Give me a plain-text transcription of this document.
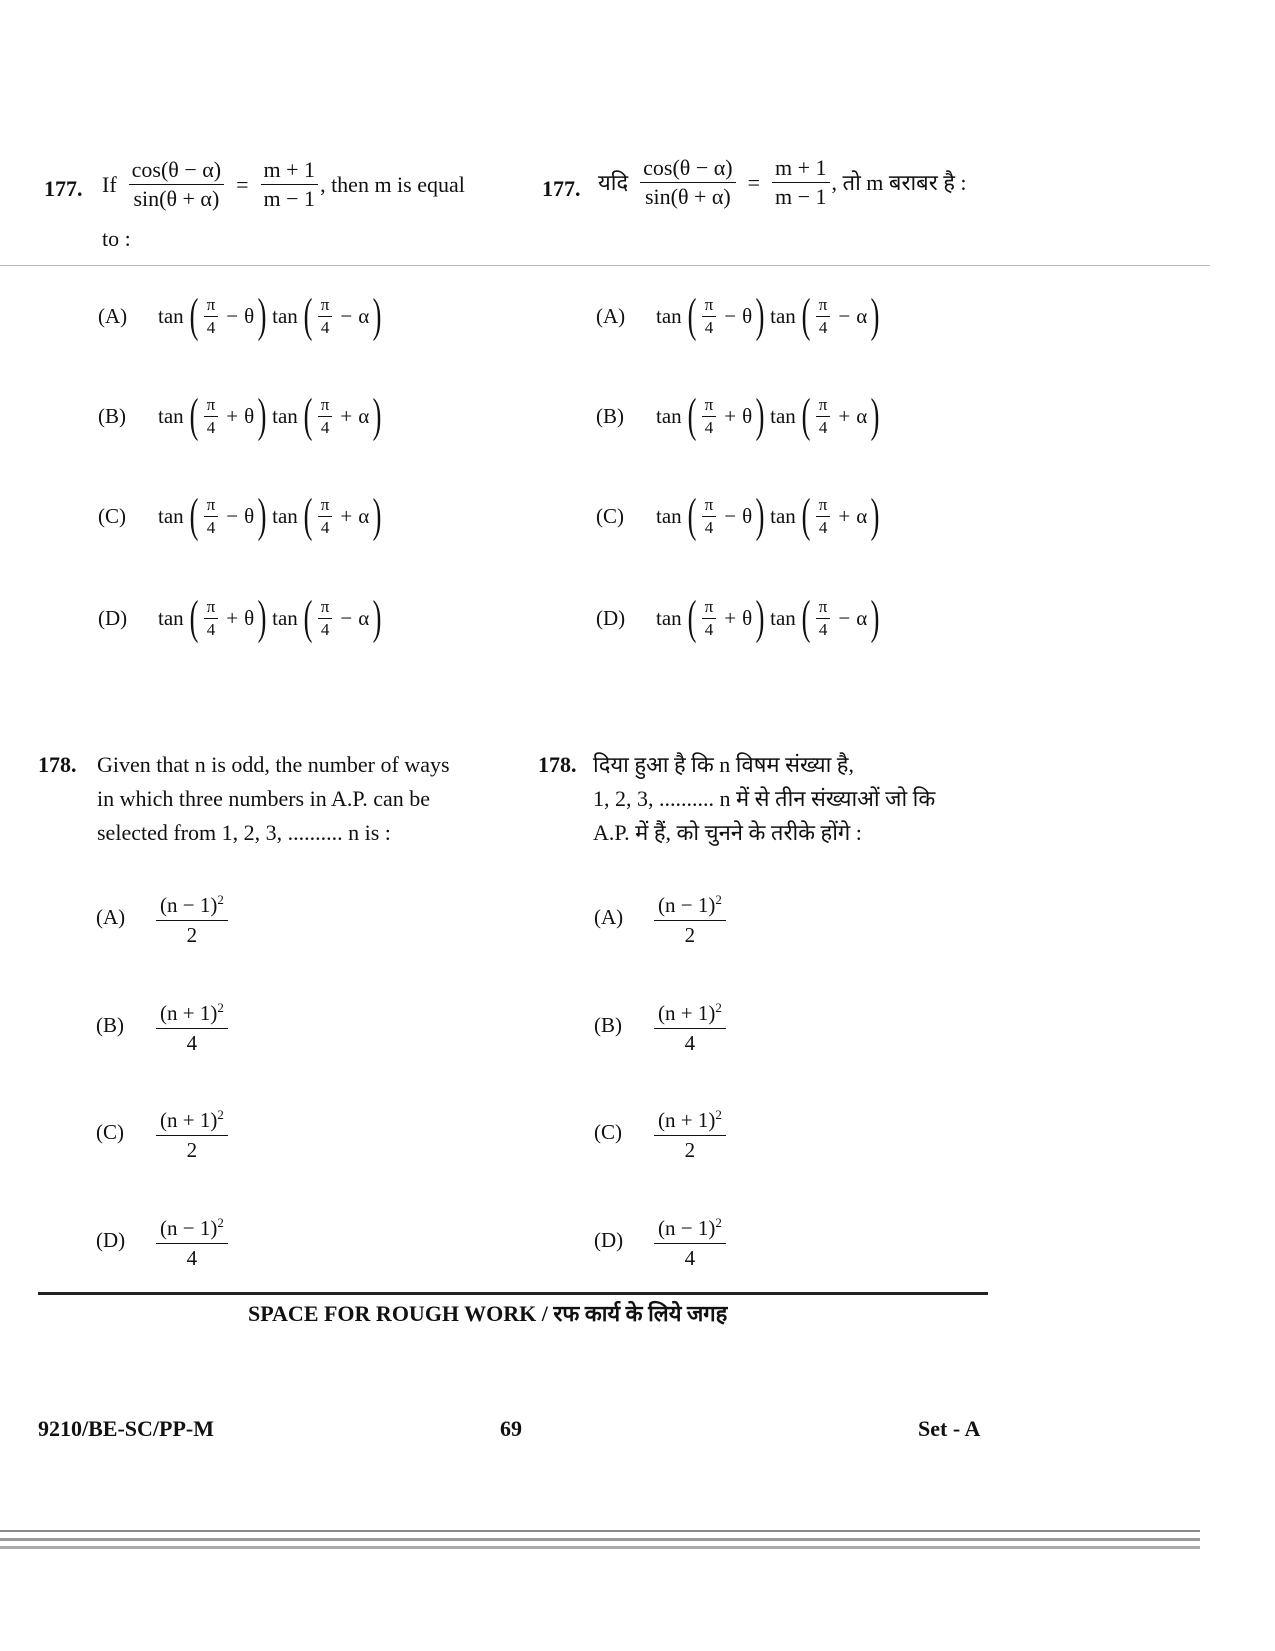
177. If $\frac{\cos(\theta - \alpha)}{\sin(\theta + \alpha)} = \frac{m + 1}{m - 1}$ , then m is equal
to :
177. यदि $\frac{\cos(\theta - \alpha)}{\sin(\theta + \alpha)} = \frac{m + 1}{m - 1}$ , तो m बराबर है :
(A)	tan ( $\frac{\pi}{4} - \theta$ ) tan ( $\frac{\pi}{4} - \alpha$ )	(A)	tan ( $\frac{\pi}{4} - \theta$ ) tan ( $\frac{\pi}{4} - \alpha$ )
(B)	tan ( $\frac{\pi}{4} + \theta$ ) tan ( $\frac{\pi}{4} + \alpha$ )	(B)	tan ( $\frac{\pi}{4} + \theta$ ) tan ( $\frac{\pi}{4} + \alpha$ )
(C)	tan ( $\frac{\pi}{4} - \theta$ ) tan ( $\frac{\pi}{4} + \alpha$ )	(C)	tan ( $\frac{\pi}{4} - \theta$ ) tan ( $\frac{\pi}{4} + \alpha$ )
(D)	tan ( $\frac{\pi}{4} + \theta$ ) tan ( $\frac{\pi}{4} - \alpha$ )	(D)	tan ( $\frac{\pi}{4} + \theta$ ) tan ( $\frac{\pi}{4} - \alpha$ )
178. Given that n is odd, the number of ways
in which three numbers in A.P. can be
selected from 1, 2, 3, .......... n is :
178. दिया हुआ है कि n विषम संख्या है,
1, 2, 3, .......... n में से तीन संख्याओं जो कि
A.P. में हैं, को चुनने के तरीके होंगे :
(A)	$\frac{(n - 1)^2}{2}$	(A)	$\frac{(n - 1)^2}{2}$
(B)	$\frac{(n + 1)^2}{4}$	(B)	$\frac{(n + 1)^2}{4}$
(C)	$\frac{(n + 1)^2}{2}$	(C)	$\frac{(n + 1)^2}{2}$
(D)	$\frac{(n - 1)^2}{4}$	(D)	$\frac{(n - 1)^2}{4}$
SPACE FOR ROUGH WORK / रफ कार्य के लिये जगह
9210/BE-SC/PP-M	69	Set - A
